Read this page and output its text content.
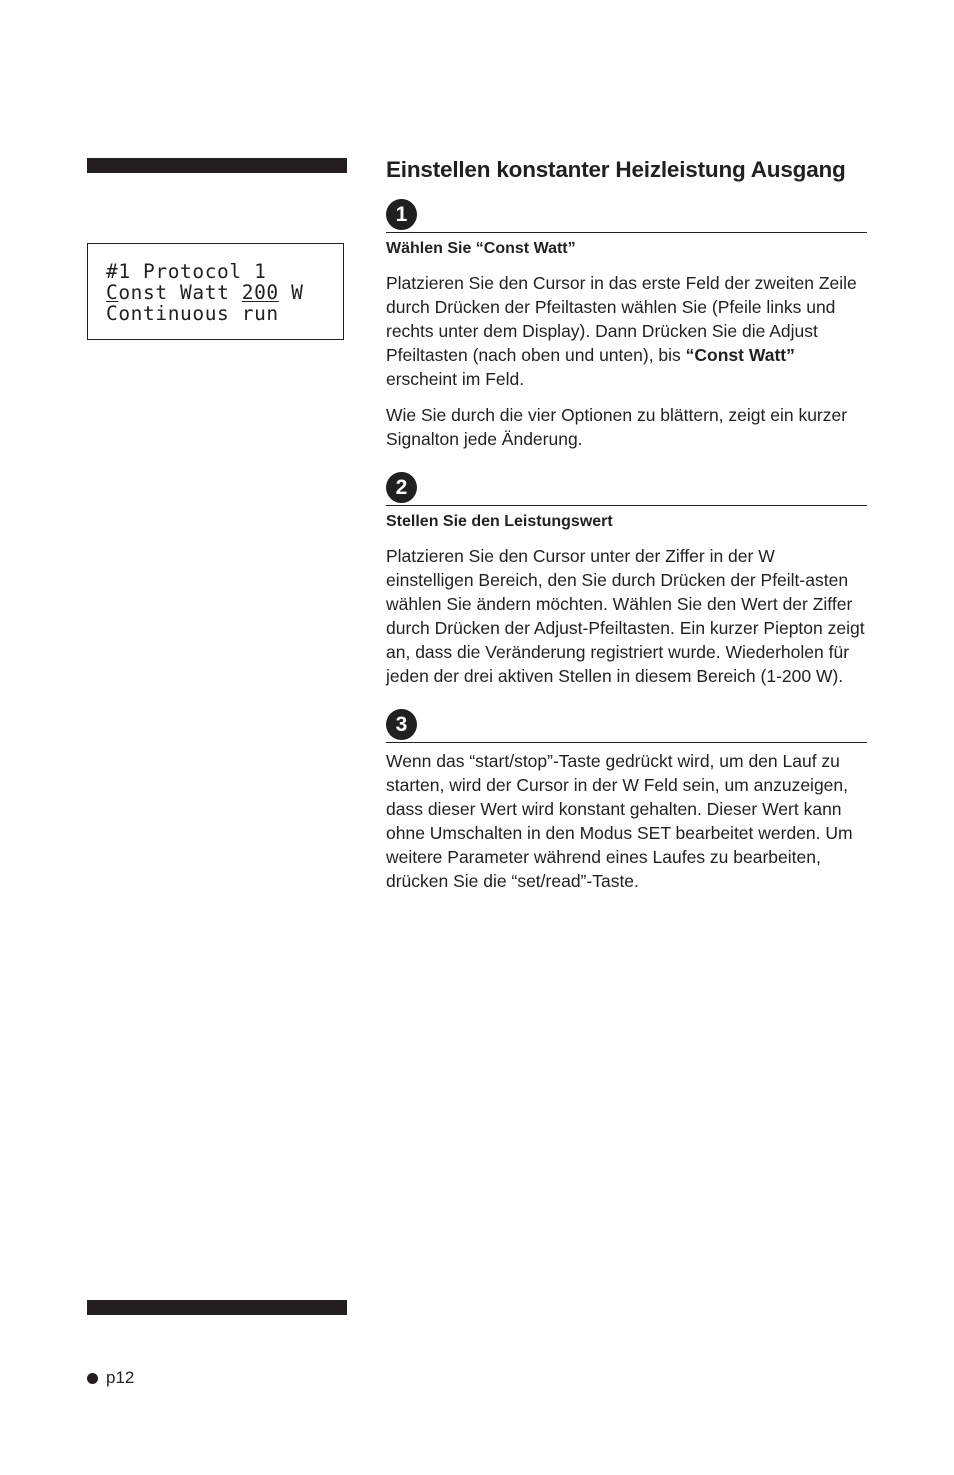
#1 Protocol 1
Const Watt 200 W
Continuous run
Einstellen konstanter Heizleistung Ausgang
1
Wählen Sie “Const Watt”

Platzieren Sie den Cursor in das erste Feld der zweiten Zeile durch Drücken der Pfeiltasten wählen Sie (Pfeile links und rechts unter dem Display). Dann Drücken Sie die Adjust Pfeiltasten (nach oben und unten), bis “Const Watt” erscheint im Feld.

Wie Sie durch die vier Optionen zu blättern, zeigt ein kurzer Signalton jede Änderung.

2
Stellen Sie den Leistungswert

Platzieren Sie den Cursor unter der Ziffer in der W einstelligen Bereich, den Sie durch Drücken der Pfeilt-asten wählen Sie ändern möchten. Wählen Sie den Wert der Ziffer durch Drücken der Adjust-Pfeiltasten. Ein kurzer Piepton zeigt an, dass die Veränderung registriert wurde. Wiederholen für jeden der drei aktiven Stellen in diesem Bereich (1-200 W).

3

Wenn das “start/stop”-Taste gedrückt wird, um den Lauf zu starten, wird der Cursor in der W Feld sein, um anzuzeigen, dass dieser Wert wird konstant gehalten. Dieser Wert kann ohne Umschalten in den Modus SET bearbeitet werden. Um weitere Parameter während eines Laufes zu bearbeiten, drücken Sie die “set/read”-Taste.

p12
